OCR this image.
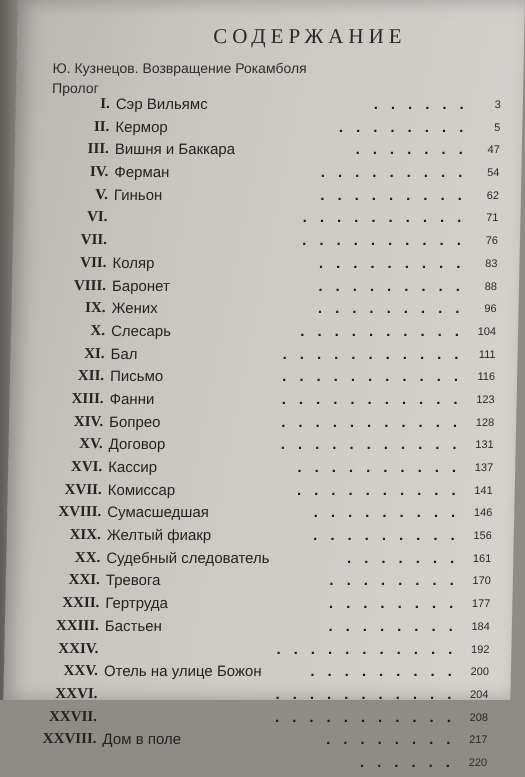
СОДЕРЖАНИЕ
Ю. Кузнецов. Возвращение Рокамболя
Пролог
I. Сэр Вильямс	......	3
II. Кермор	........	5
III. Вишня и Баккара	.......	47
IV. Ферман	.........	54
V. Гиньон	.........	62
VI.	..........	71
VII.	..........	76
VII. Коляр	.........	83
VIII. Баронет	.........	88
IX. Жених	.........	96
X. Слесарь	.......... 104
XI. Бал	........... 111
XII. Письмо	........... 116
XIII. Фанни	........... 123
XIV. Бопрео	........... 128
XV. Договор	........... 131
XVI. Кассир	.......... 137
XVII. Комиссар	.......... 141
XVIII. Сумасшедшая	......... 146
XIX. Желтый фиакр	......... 156
XX. Судебный следователь	....... 161
XXI. Тревога	........ 170
XXII. Гертруда	........ 177
XXIII. Бастьен	........ 184
XXIV.	........... 192
XXV. Отель на улице Божон	......... 200
XXVI.	........... 204
XXVII.	........... 208
XXVIII. Дом в поле	........ 217
...... 220
